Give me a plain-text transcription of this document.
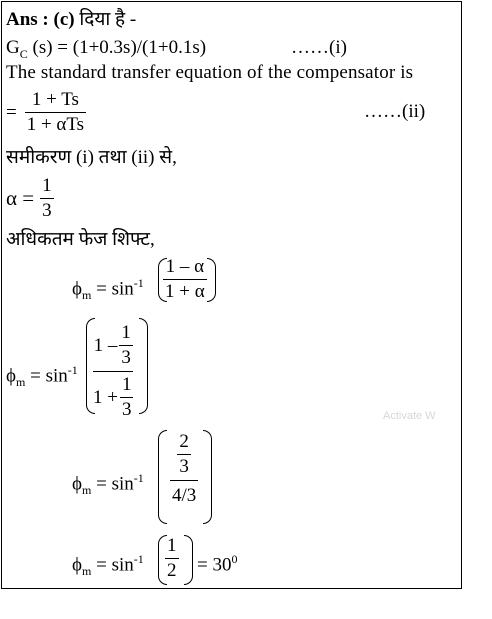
Ans : (c) दिया है -
$G_C$ (s) = (1+0.3s)/(1+0.1s)	……(i)
The standard transfer equation of the compensator is
= $\frac{1 + Ts}{\text{1 + αTs}}$	……(ii)
समीकरण (i) तथा (ii) से,
$\alpha = \frac{1}{3}$
अधिकतम फेज शिफ्ट,
$\phi_m = \sin^{-1} \frac{1 - \alpha}{1 + \alpha}$
$\phi_m = \sin^{-1}$
$1 - \frac{1}{3}$
$1 + \frac{1}{3}$	Activate W
$\phi_m = \sin^{-1} \frac{2}{3}$
4/3
$\phi_m = \sin^{-1} \frac{1}{2} = 30^0$
